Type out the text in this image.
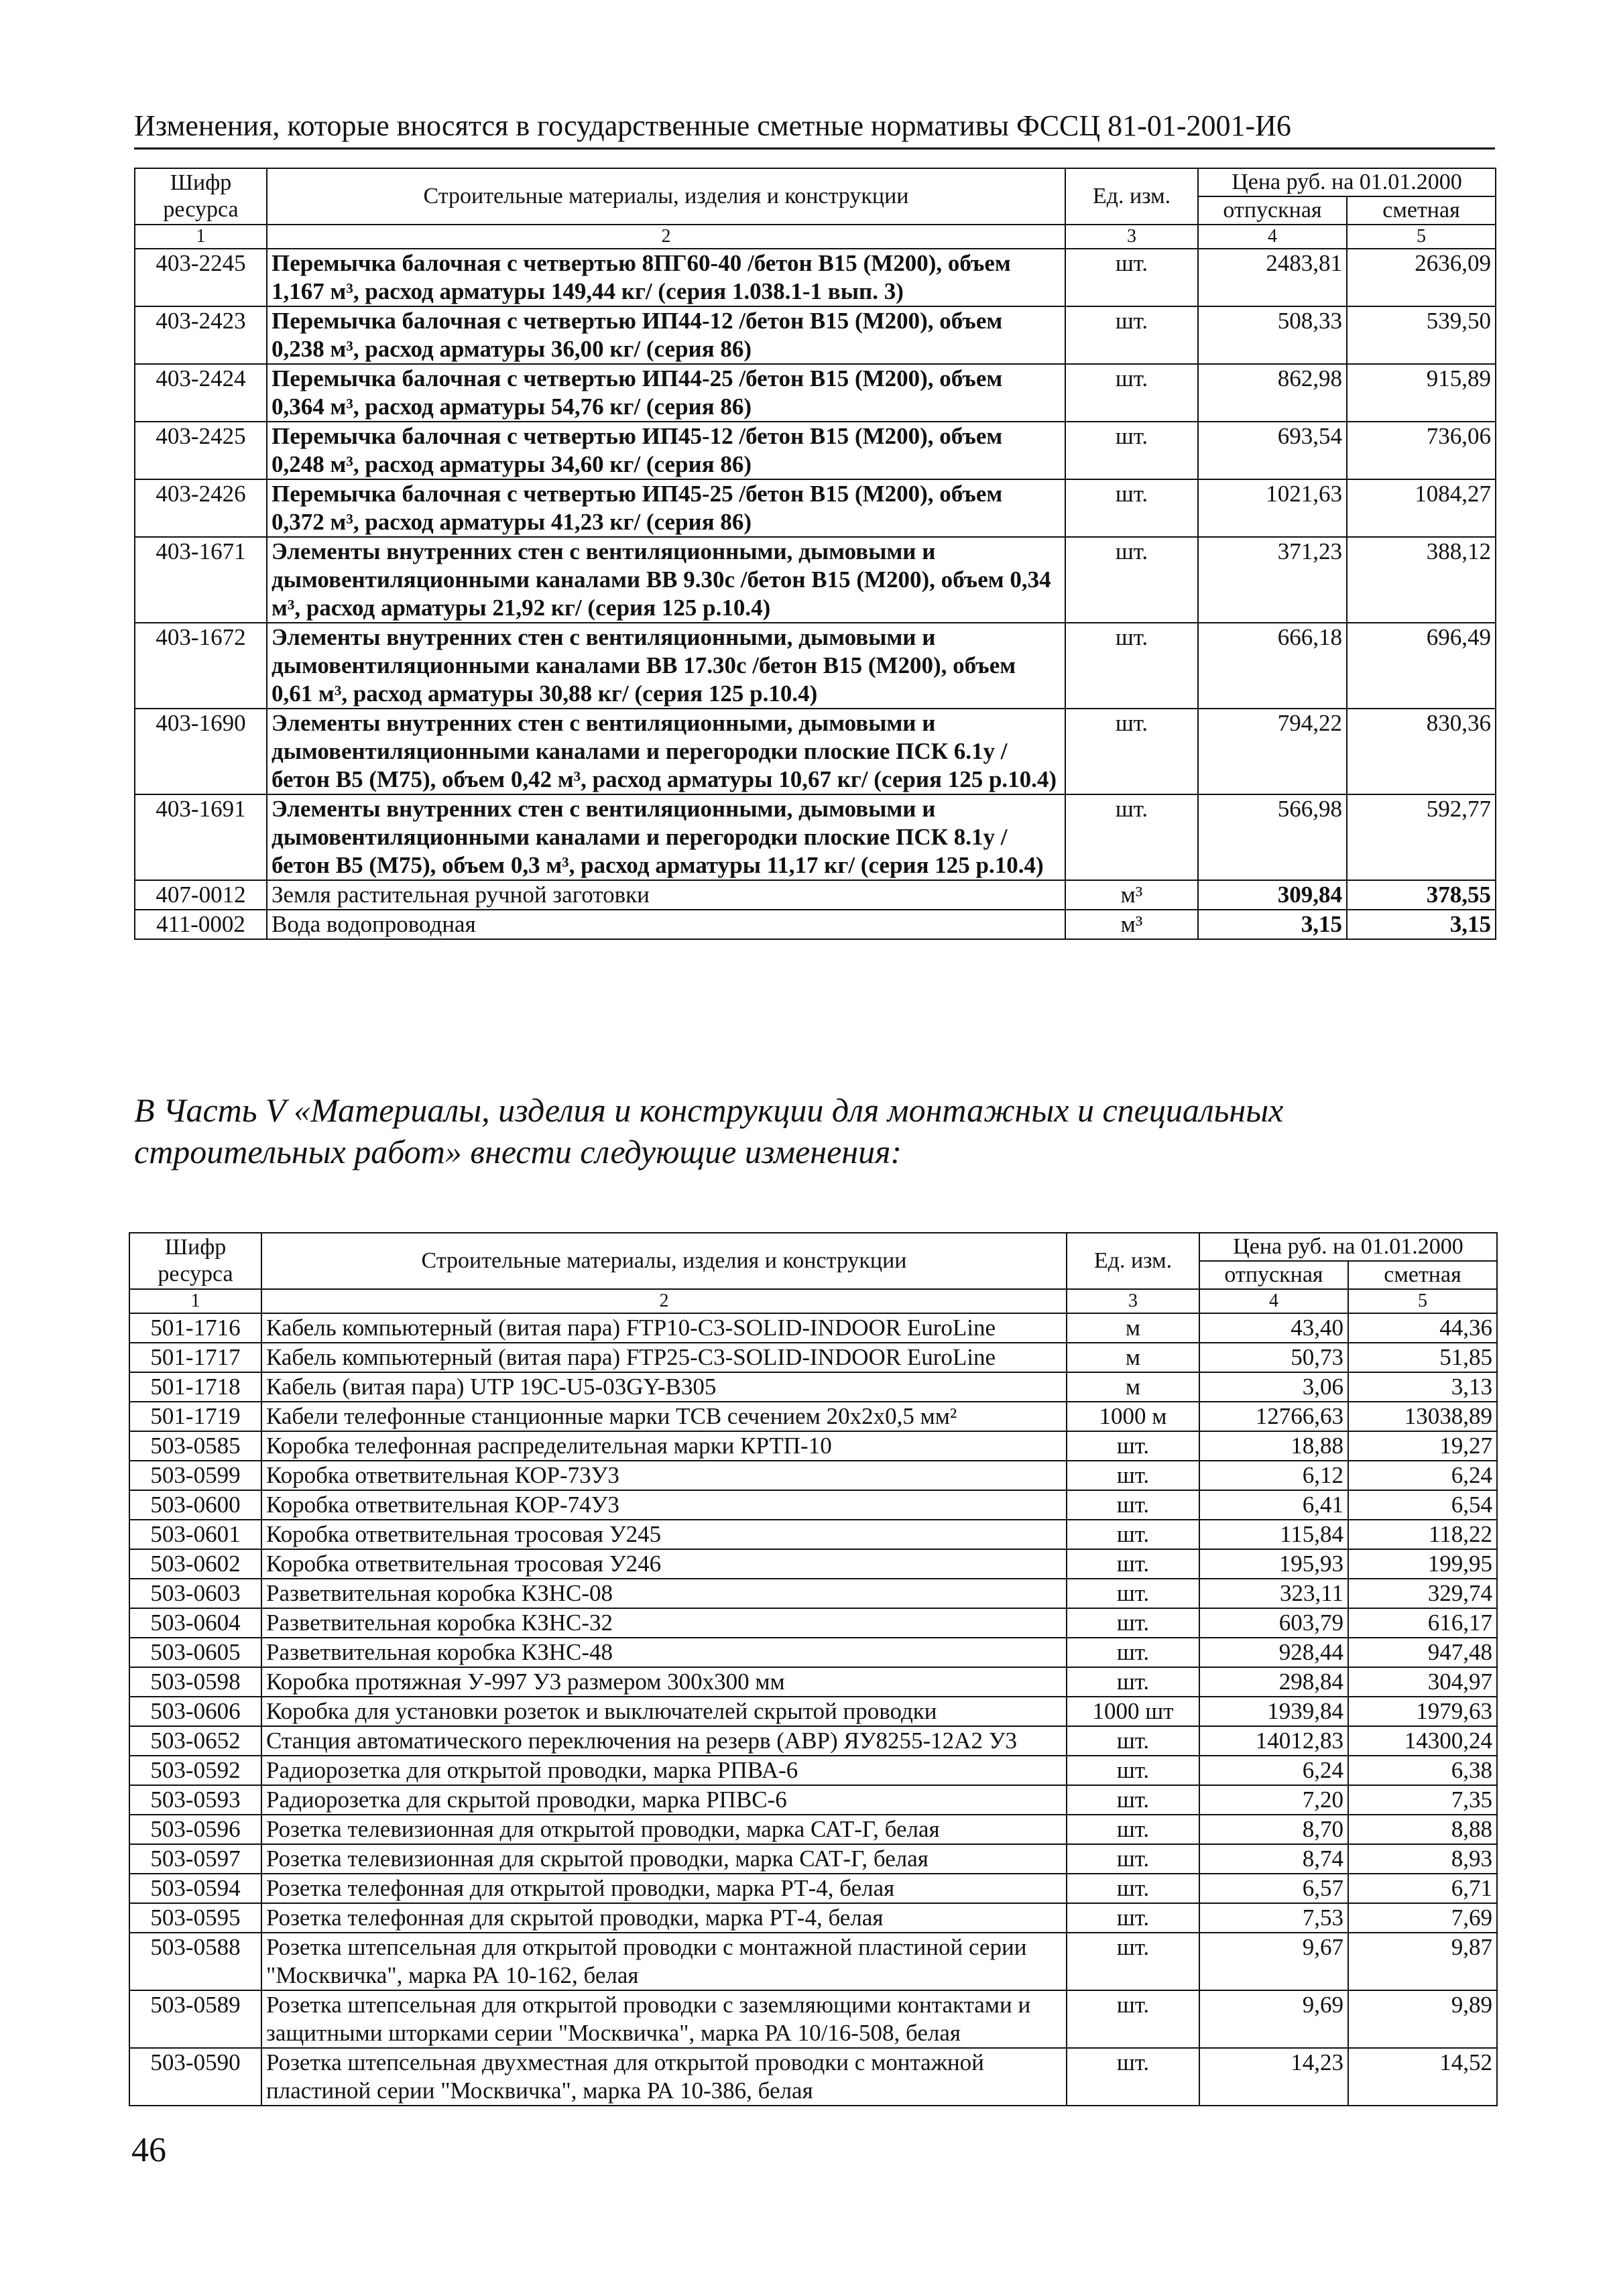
Изменения, которые вносятся в государственные сметные нормативы ФССЦ 81-01-2001-И6
Шифр ресурса	Строительные материалы, изделия и конструкции	Ед. изм.	Цена руб. на 01.01.2000	
			отпускная	сметная
1	2	3	4	5
403-2245	Перемычка балочная с четвертью 8ПГ60-40 /бетон В15 (М200), объем 1,167 м³, расход арматуры 149,44 кг/ (серия 1.038.1-1 вып. 3)	шт.	2483,81	2636,09
403-2423	Перемычка балочная с четвертью ИП44-12 /бетон В15 (М200), объем 0,238 м³, расход арматуры 36,00 кг/ (серия 86)	шт.	508,33	539,50
403-2424	Перемычка балочная с четвертью ИП44-25 /бетон В15 (М200), объем 0,364 м³, расход арматуры 54,76 кг/ (серия 86)	шт.	862,98	915,89
403-2425	Перемычка балочная с четвертью ИП45-12 /бетон В15 (М200), объем 0,248 м³, расход арматуры 34,60 кг/ (серия 86)	шт.	693,54	736,06
403-2426	Перемычка балочная с четвертью ИП45-25 /бетон В15 (М200), объем 0,372 м³, расход арматуры 41,23 кг/ (серия 86)	шт.	1021,63	1084,27
403-1671	Элементы внутренних стен с вентиляционными, дымовыми и дымовентиляционными каналами ВВ 9.30с /бетон В15 (М200), объем 0,34 м³, расход арматуры 21,92 кг/ (серия 125 р.10.4)	шт.	371,23	388,12
403-1672	Элементы внутренних стен с вентиляционными, дымовыми и дымовентиляционными каналами ВВ 17.30с /бетон В15 (М200), объем 0,61 м³, расход арматуры 30,88 кг/ (серия 125 р.10.4)	шт.	666,18	696,49
403-1690	Элементы внутренних стен с вентиляционными, дымовыми и дымовентиляционными каналами и перегородки плоские ПСК 6.1у /бетон В5 (М75), объем 0,42 м³, расход арматуры 10,67 кг/ (серия 125 р.10.4)	шт.	794,22	830,36
403-1691	Элементы внутренних стен с вентиляционными, дымовыми и дымовентиляционными каналами и перегородки плоские ПСК 8.1у /бетон В5 (М75), объем 0,3 м³, расход арматуры 11,17 кг/ (серия 125 р.10.4)	шт.	566,98	592,77
407-0012	Земля растительная ручной заготовки	м³	309,84	378,55
411-0002	Вода водопроводная	м³	3,15	3,15
В Часть V «Материалы, изделия и конструкции для монтажных и специальных строительных работ» внести следующие изменения:
Шифр ресурса	Строительные материалы, изделия и конструкции	Ед. изм.	Цена руб. на 01.01.2000	
			отпускная	сметная
1	2	3	4	5
501-1716	Кабель компьютерный (витая пара) FTP10-C3-SOLID-INDOOR EuroLine	м	43,40	44,36
501-1717	Кабель компьютерный (витая пара) FTP25-C3-SOLID-INDOOR EuroLine	м	50,73	51,85
501-1718	Кабель (витая пара) UTP 19C-U5-03GY-B305	м	3,06	3,13
501-1719	Кабели телефонные станционные марки ТСВ сечением 20х2х0,5 мм²	1000 м	12766,63	13038,89
503-0585	Коробка телефонная распределительная марки КРТП-10	шт.	18,88	19,27
503-0599	Коробка ответвительная КОР-73У3	шт.	6,12	6,24
503-0600	Коробка ответвительная КОР-74У3	шт.	6,41	6,54
503-0601	Коробка ответвительная тросовая У245	шт.	115,84	118,22
503-0602	Коробка ответвительная тросовая У246	шт.	195,93	199,95
503-0603	Разветвительная коробка КЗНС-08	шт.	323,11	329,74
503-0604	Разветвительная коробка КЗНС-32	шт.	603,79	616,17
503-0605	Разветвительная коробка КЗНС-48	шт.	928,44	947,48
503-0598	Коробка протяжная У-997 У3 размером 300х300 мм	шт.	298,84	304,97
503-0606	Коробка для установки розеток и выключателей скрытой проводки	1000 шт	1939,84	1979,63
503-0652	Станция автоматического переключения на резерв (АВР) ЯУ8255-12А2 У3	шт.	14012,83	14300,24
503-0592	Радиорозетка для открытой проводки, марка РПВА-6	шт.	6,24	6,38
503-0593	Радиорозетка для скрытой проводки, марка РПВС-6	шт.	7,20	7,35
503-0596	Розетка телевизионная для открытой проводки, марка САТ-Г, белая	шт.	8,70	8,88
503-0597	Розетка телевизионная для скрытой проводки, марка САТ-Г, белая	шт.	8,74	8,93
503-0594	Розетка телефонная для открытой проводки, марка РТ-4, белая	шт.	6,57	6,71
503-0595	Розетка телефонная для скрытой проводки, марка РТ-4, белая	шт.	7,53	7,69
503-0588	Розетка штепсельная для открытой проводки с монтажной пластиной серии "Москвичка", марка РА 10-162, белая	шт.	9,67	9,87
503-0589	Розетка штепсельная для открытой проводки с заземляющими контактами и защитными шторками серии "Москвичка", марка РА 10/16-508, белая	шт.	9,69	9,89
503-0590	Розетка штепсельная двухместная для открытой проводки с монтажной пластиной серии "Москвичка", марка РА 10-386, белая	шт.	14,23	14,52
46
